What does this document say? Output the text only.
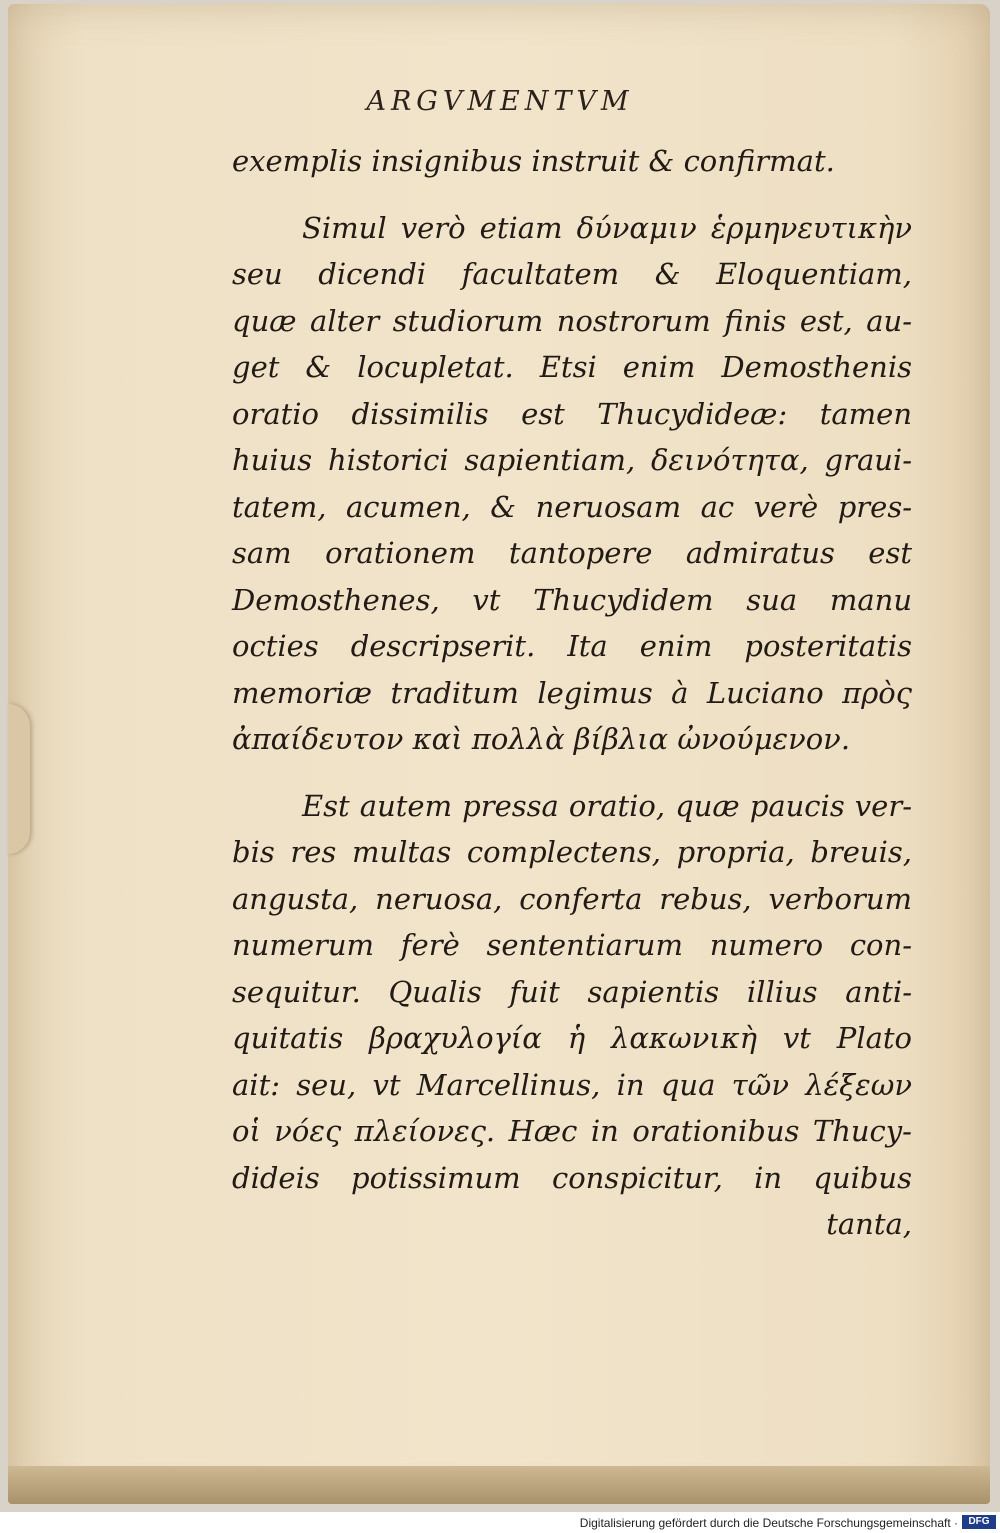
ARGVMENTVM
exemplis insignibus instruit & confirmat.
Simul verò etiam δύναμιν ἑρμηνευτικὴν
seu dicendi facultatem & Eloquentiam,
quæ alter studiorum nostrorum finis est, au-
get & locupletat. Etsi enim Demosthenis
oratio dissimilis est Thucydideæ: tamen
huius historici sapientiam, δεινότητα, graui-
tatem, acumen, & neruosam ac verè pres-
sam orationem tantopere admiratus est
Demosthenes, vt Thucydidem sua manu
octies descripserit. Ita enim posteritatis
memoriæ traditum legimus à Luciano πρὸς
ἀπαίδευτον καὶ πολλὰ βίβλια ὠνούμενον.
Est autem pressa oratio, quæ paucis ver-
bis res multas complectens, propria, breuis,
angusta, neruosa, conferta rebus, verborum
numerum ferè sententiarum numero con-
sequitur. Qualis fuit sapientis illius anti-
quitatis βραχυλογία ἡ λακωνικὴ vt Plato
ait: seu, vt Marcellinus, in qua τῶν λέξεων
οἱ νόες πλείονες. Hæc in orationibus Thucy-
dideis potissimum conspicitur, in quibus
tanta,
Digitalisierung gefördert durch die Deutsche Forschungsgemeinschaft ·	DFG
